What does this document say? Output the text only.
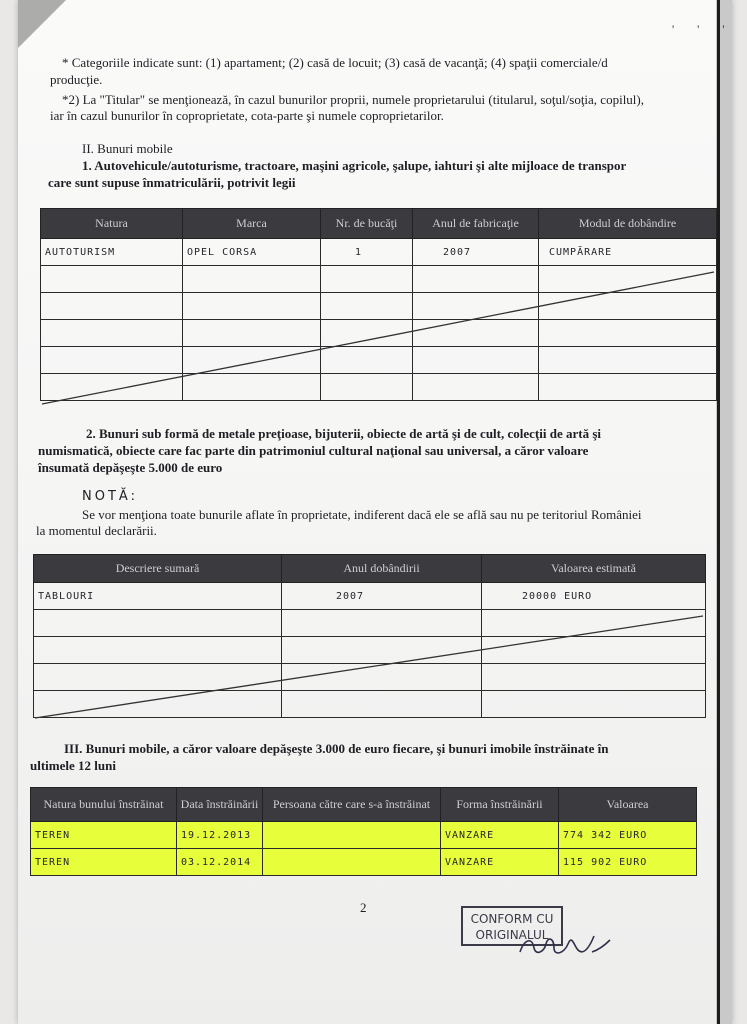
' ' '
* Categoriile indicate sunt: (1) apartament; (2) casă de locuit; (3) casă de vacanţă; (4) spaţii comerciale/d
producţie.
*2) La "Titular" se menţionează, în cazul bunurilor proprii, numele proprietarului (titularul, soţul/soţia, copilul),
iar în cazul bunurilor în coproprietate, cota-parte şi numele coproprietarilor.
II. Bunuri mobile
1. Autovehicule/autoturisme, tractoare, maşini agricole, şalupe, iahturi şi alte mijloace de transpor
care sunt supuse înmatriculării, potrivit legii
Natura	Marca	Nr. de bucăţi	Anul de fabricaţie	Modul de dobândire
AUTOTURISM	OPEL CORSA	1	2007	CUMPĂRARE

2. Bunuri sub formă de metale preţioase, bijuterii, obiecte de artă şi de cult, colecţii de artă şi
numismatică, obiecte care fac parte din patrimoniul cultural naţional sau universal, a căror valoare
însumată depăşeşte 5.000 de euro
NOTĂ:
Se vor menţiona toate bunurile aflate în proprietate, indiferent dacă ele se află sau nu pe teritoriul României
la momentul declarării.
Descriere sumară	Anul dobândirii	Valoarea estimată
TABLOURI	2007	20000 EURO

III. Bunuri mobile, a căror valoare depăşeşte 3.000 de euro fiecare, şi bunuri imobile înstrăinate în
ultimele 12 luni
Natura bunului înstrăinat	Data înstrăinării	Persoana către care s-a înstrăinat	Forma înstrăinării	Valoarea
TEREN	19.12.2013		VANZARE	774 342 EURO
TEREN	03.12.2014		VANZARE	115 902 EURO
2
CONFORM CU
ORIGINALUL
